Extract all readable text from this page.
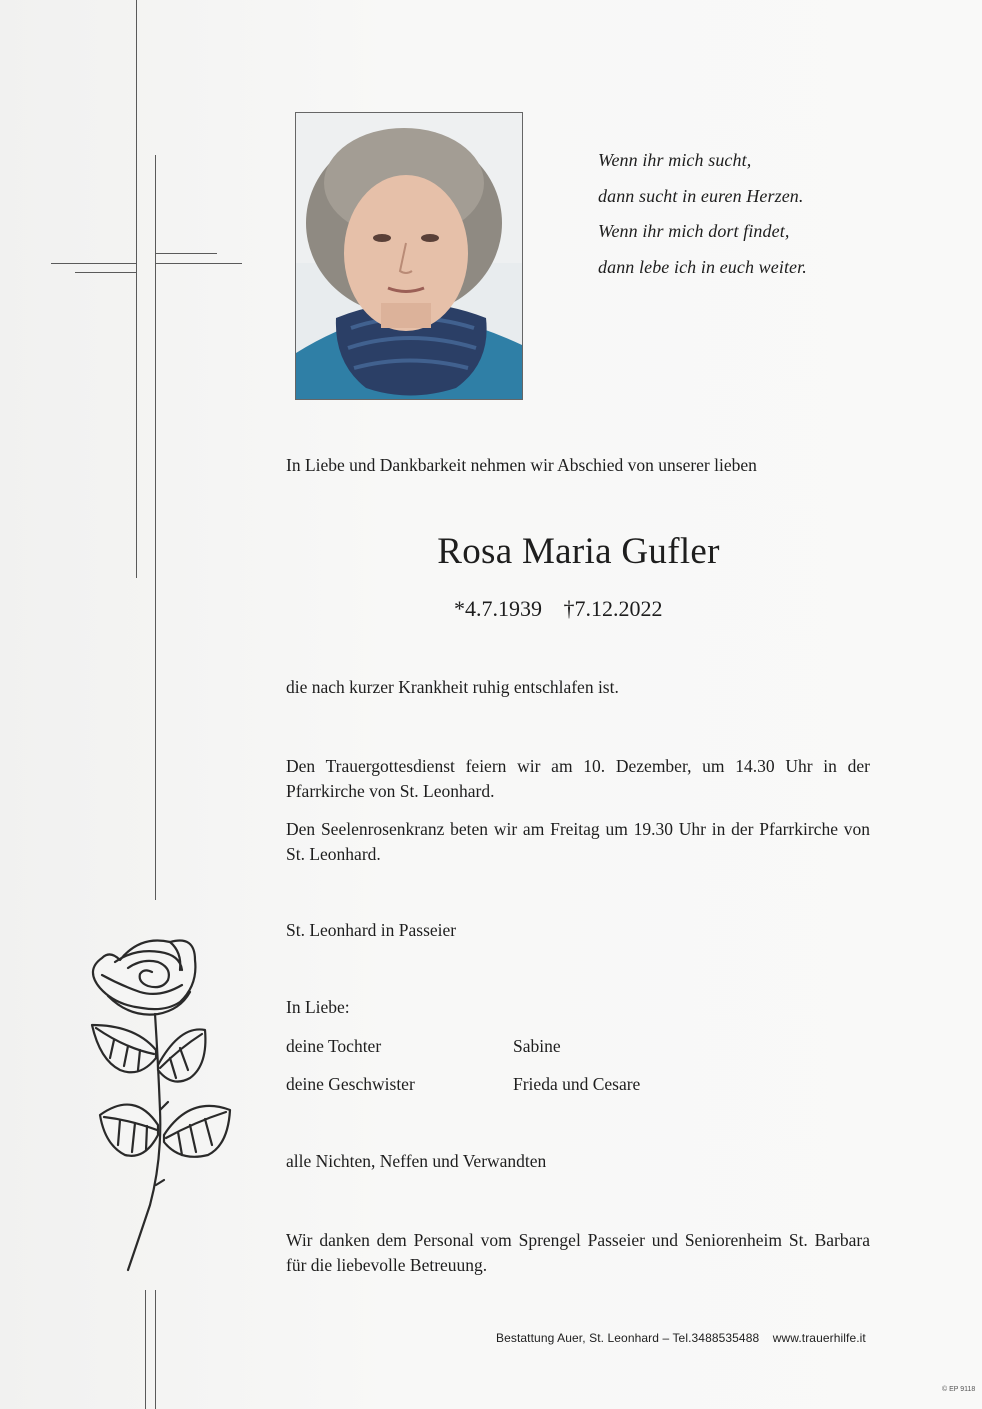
Wenn ihr mich sucht,
dann sucht in euren Herzen.
Wenn ihr mich dort findet,
dann lebe ich in euch weiter.
In Liebe und Dankbarkeit nehmen wir Abschied von unserer lieben
Rosa Maria Gufler
*4.7.1939 †7.12.2022
die nach kurzer Krankheit ruhig entschlafen ist.
Den Trauergottesdienst feiern wir am 10. Dezember, um 14.30 Uhr in der Pfarrkirche von St. Leonhard.
Den Seelenrosenkranz beten wir am Freitag um 19.30 Uhr in der Pfarrkirche von St. Leonhard.
St. Leonhard in Passeier
In Liebe:
deine Tochter	Sabine
deine Geschwister	Frieda und Cesare
alle Nichten, Neffen und Verwandten
Wir danken dem Personal vom Sprengel Passeier und Seniorenheim St. Barbara für die liebevolle Betreuung.
Bestattung Auer, St. Leonhard – Tel.3488535488 www.trauerhilfe.it
© EP 9118
